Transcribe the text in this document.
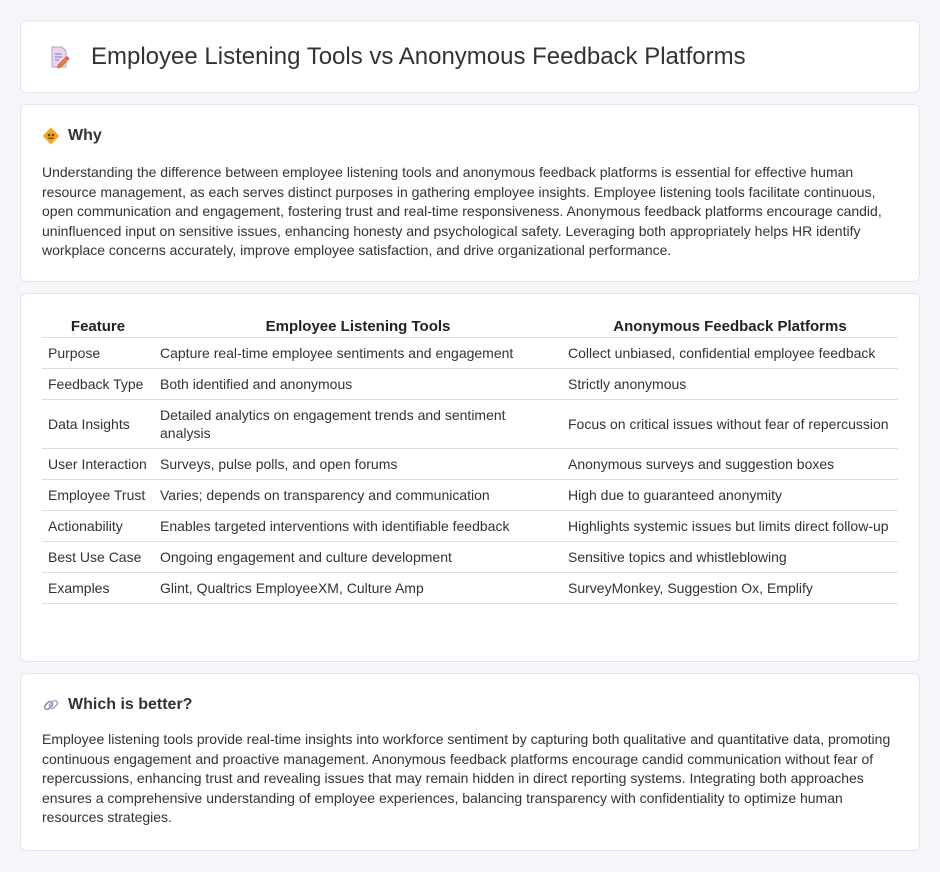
Employee Listening Tools vs Anonymous Feedback Platforms
Why

Understanding the difference between employee listening tools and anonymous feedback platforms is essential for effective human resource management, as each serves distinct purposes in gathering employee insights. Employee listening tools facilitate continuous, open communication and engagement, fostering trust and real-time responsiveness. Anonymous feedback platforms encourage candid, uninfluenced input on sensitive issues, enhancing honesty and psychological safety. Leveraging both appropriately helps HR identify workplace concerns accurately, improve employee satisfaction, and drive organizational performance.

Feature	Employee Listening Tools	Anonymous Feedback Platforms
Purpose	Capture real-time employee sentiments and engagement	Collect unbiased, confidential employee feedback
Feedback Type	Both identified and anonymous	Strictly anonymous
Data Insights	Detailed analytics on engagement trends and sentiment analysis	Focus on critical issues without fear of repercussion
User Interaction	Surveys, pulse polls, and open forums	Anonymous surveys and suggestion boxes
Employee Trust	Varies; depends on transparency and communication	High due to guaranteed anonymity
Actionability	Enables targeted interventions with identifiable feedback	Highlights systemic issues but limits direct follow-up
Best Use Case	Ongoing engagement and culture development	Sensitive topics and whistleblowing
Examples	Glint, Qualtrics EmployeeXM, Culture Amp	SurveyMonkey, Suggestion Ox, Emplify
Which is better?

Employee listening tools provide real-time insights into workforce sentiment by capturing both qualitative and quantitative data, promoting continuous engagement and proactive management. Anonymous feedback platforms encourage candid communication without fear of repercussions, enhancing trust and revealing issues that may remain hidden in direct reporting systems. Integrating both approaches ensures a comprehensive understanding of employee experiences, balancing transparency with confidentiality to optimize human resources strategies.
